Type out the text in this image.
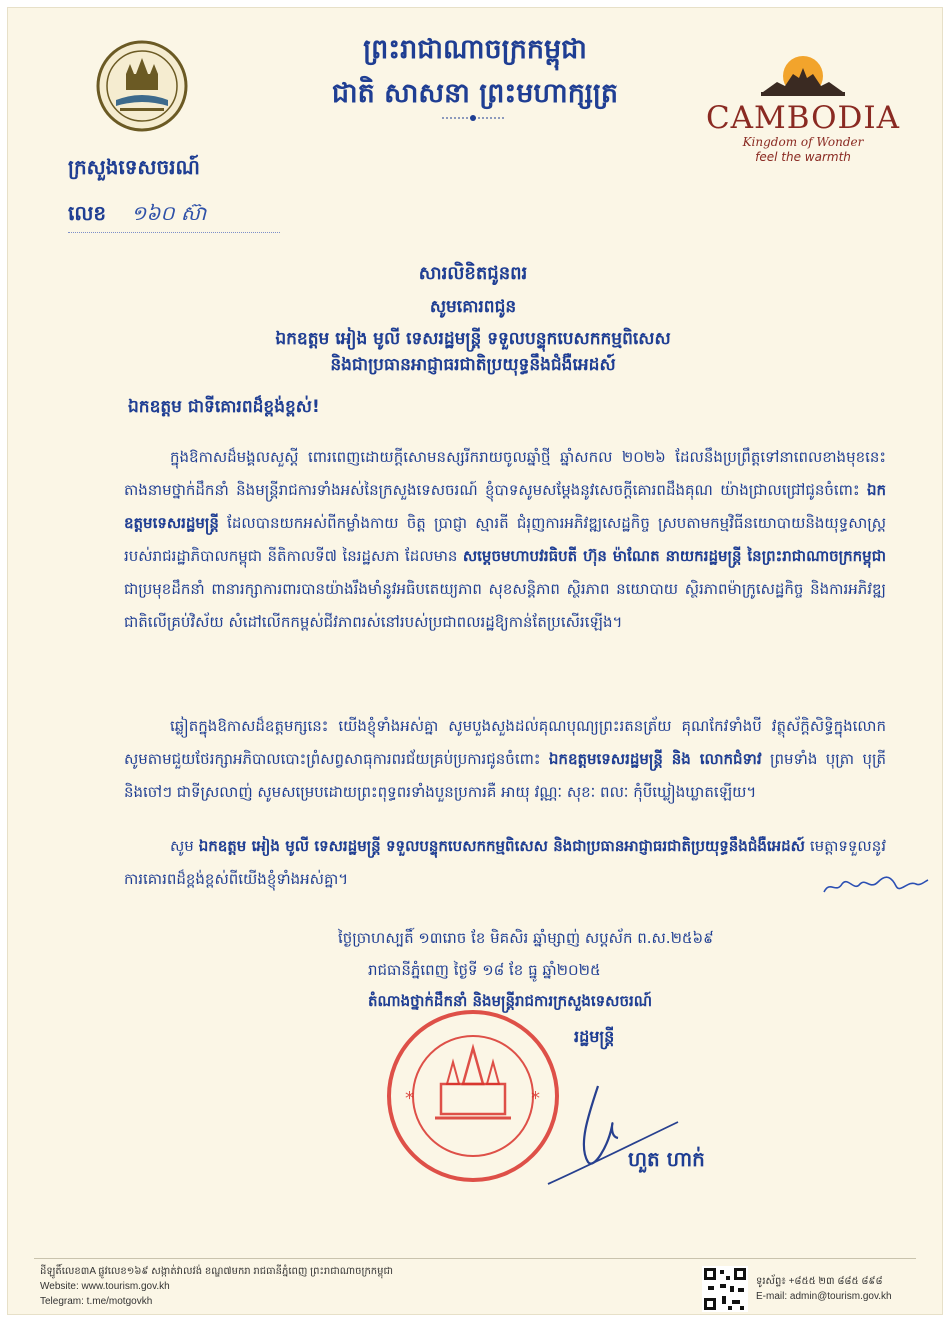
ព្រះរាជាណាចក្រកម្ពុជា
ជាតិ សាសនា ព្រះមហាក្សត្រ
CAMBODIA
Kingdom of Wonder
feel the warmth
ក្រសួងទេសចរណ៍
លេខ ១៦០ ស៊ា
សារលិខិតជូនពរ
សូមគោរពជូន
ឯកឧត្តម អៀង មូលី ទេសរដ្ឋមន្ត្រី ទទួលបន្ទុកបេសកកម្មពិសេស
និងជាប្រធានអាជ្ញាធរជាតិប្រយុទ្ធនឹងជំងឺអេដស៍
ឯកឧត្តម ជាទីគោរពដ៏ខ្ពង់ខ្ពស់!
ក្នុងឱកាសដ៏មង្គលសួស្តី ពោរពេញដោយក្តីសោមនស្សរីករាយចូលឆ្នាំថ្មី ឆ្នាំសកល ២០២៦ ដែលនឹងប្រព្រឹត្តទៅនាពេលខាងមុខនេះ តាងនាមថ្នាក់ដឹកនាំ និងមន្ត្រីរាជការទាំងអស់នៃក្រសួងទេសចរណ៍ ខ្ញុំបាទសូមសម្តែងនូវសេចក្តីគោរពដឹងគុណ យ៉ាងជ្រាលជ្រៅជូនចំពោះ ឯកឧត្តមទេសរដ្ឋមន្ត្រី ដែលបានយកអស់ពីកម្លាំងកាយ ចិត្ត ប្រាជ្ញា ស្មារតី ជំរុញការអភិវឌ្ឍសេដ្ឋកិច្ច ស្របតាមកម្មវិធីនយោបាយនិងយុទ្ធសាស្ត្ររបស់រាជរដ្ឋាភិបាលកម្ពុជា នីតិកាលទី៧ នៃរដ្ឋសភា ដែលមាន សម្តេចមហាបវរធិបតី ហ៊ុន ម៉ាណែត នាយករដ្ឋមន្ត្រី នៃព្រះរាជាណាចក្រកម្ពុជា ជាប្រមុខដឹកនាំ ពានារក្សាការពារបានយ៉ាងរឹងមាំនូវអធិបតេយ្យភាព សុខសន្តិភាព ស្ថិរភាព នយោបាយ ស្ថិរភាពម៉ាក្រូសេដ្ឋកិច្ច និងការអភិវឌ្ឍជាតិលើគ្រប់វិស័យ សំដៅលើកកម្ពស់ជីវភាពរស់នៅរបស់ប្រជាពលរដ្ឋឱ្យកាន់តែប្រសើរឡើង។
ឆ្លៀតក្នុងឱកាសដ៏ឧត្តមក្សនេះ យើងខ្ញុំទាំងអស់គ្នា សូមបួងសួងដល់គុណបុណ្យព្រះរតនត្រ័យ គុណកែវទាំងបី វត្ថុស័ក្តិសិទ្ធិក្នុងលោក សូមតាមជួយថែរក្សាអភិបាលបោះព្រំសព្វសាធុការពរជ័យគ្រប់ប្រការជូនចំពោះ ឯកឧត្តមទេសរដ្ឋមន្ត្រី និង លោកជំទាវ ព្រមទាំង បុត្រា បុត្រី និងចៅៗ ជាទីស្រលាញ់ សូមសម្រេបដោយព្រះពុទ្ធពរទាំងបួនប្រការគឺ អាយុ វណ្ណៈ សុខៈ ពលៈ កុំបីឃ្លៀងឃ្លាតឡើយ។
សូម ឯកឧត្តម អៀង មូលី ទេសរដ្ឋមន្ត្រី ទទួលបន្ទុកបេសកកម្មពិសេស និងជាប្រធានអាជ្ញាធរជាតិប្រយុទ្ធនឹងជំងឺអេដស៍ មេត្តាទទួលនូវការគោរពដ៏ខ្ពង់ខ្ពស់ពីយើងខ្ញុំទាំងអស់គ្នា។
ថ្ងៃច្រាហស្បតិ៍ ១៣រោច ខែ មិគសិរ ឆ្នាំម្សាញ់ សប្តស័ក ព.ស.២៥៦៩
រាជធានីភ្នំពេញ ថ្ងៃទី ១៨ ខែ ធ្នូ ឆ្នាំ២០២៥
*	*
តំណាងថ្នាក់ដឹកនាំ និងមន្ត្រីរាជការក្រសួងទេសចរណ៍
រដ្ឋមន្ត្រី
ហួត ហាក់
ដីឡូតិ៍លេខ៣A ផ្លូវលេខ១៦៩ សង្កាត់វាលវង់ ខណ្ឌ៧មករា រាជធានីភ្នំពេញ ព្រះរាជាណាចក្រកម្ពុជា
Website: www.tourism.gov.kh
Telegram: t.me/motgovkh
ទូរស័ព្ទ៖ +៨៥៥ ២៣ ៨៨៥ ៨៩៨
E-mail: admin@tourism.gov.kh
